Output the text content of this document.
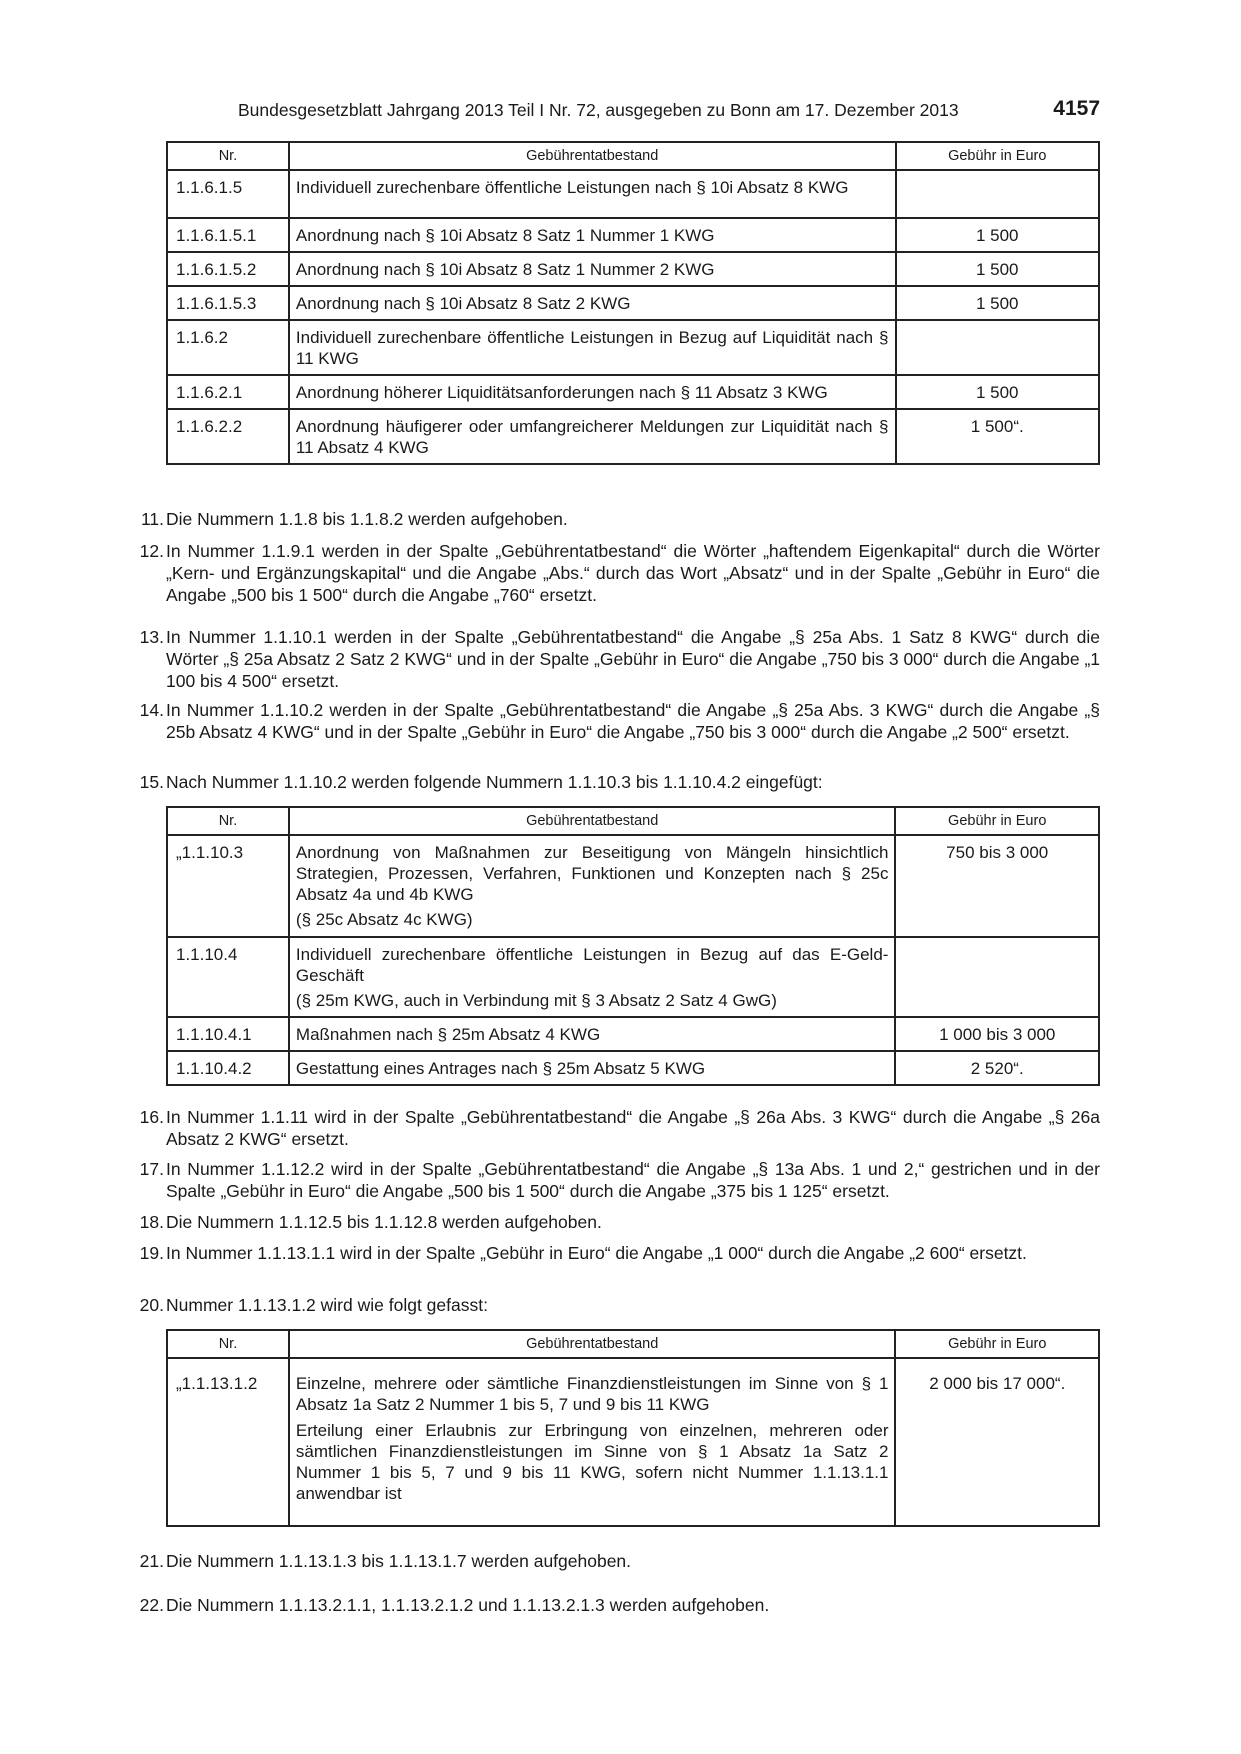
Bundesgesetzblatt Jahrgang 2013 Teil I Nr. 72, ausgegeben zu Bonn am 17. Dezember 2013	4157
Nr.	Gebührentatbestand	Gebühr in Euro
1.1.6.1.5	Individuell zurechenbare öffentliche Leistungen nach § 10i Absatz 8 KWG	
1.1.6.1.5.1	Anordnung nach § 10i Absatz 8 Satz 1 Nummer 1 KWG	1 500
1.1.6.1.5.2	Anordnung nach § 10i Absatz 8 Satz 1 Nummer 2 KWG	1 500
1.1.6.1.5.3	Anordnung nach § 10i Absatz 8 Satz 2 KWG	1 500
1.1.6.2	Individuell zurechenbare öffentliche Leistungen in Bezug auf Liquidität nach § 11 KWG	
1.1.6.2.1	Anordnung höherer Liquiditätsanforderungen nach § 11 Absatz 3 KWG	1 500
1.1.6.2.2	Anordnung häufigerer oder umfangreicherer Meldungen zur Liquidität nach § 11 Absatz 4 KWG	1 500“.
11. Die Nummern 1.1.8 bis 1.1.8.2 werden aufgehoben.
12. In Nummer 1.1.9.1 werden in der Spalte „Gebührentatbestand“ die Wörter „haftendem Eigenkapital“ durch die Wörter „Kern- und Ergänzungskapital“ und die Angabe „Abs.“ durch das Wort „Absatz“ und in der Spalte „Gebühr in Euro“ die Angabe „500 bis 1 500“ durch die Angabe „760“ ersetzt.
13. In Nummer 1.1.10.1 werden in der Spalte „Gebührentatbestand“ die Angabe „§ 25a Abs. 1 Satz 8 KWG“ durch die Wörter „§ 25a Absatz 2 Satz 2 KWG“ und in der Spalte „Gebühr in Euro“ die Angabe „750 bis 3 000“ durch die Angabe „1 100 bis 4 500“ ersetzt.
14. In Nummer 1.1.10.2 werden in der Spalte „Gebührentatbestand“ die Angabe „§ 25a Abs. 3 KWG“ durch die Angabe „§ 25b Absatz 4 KWG“ und in der Spalte „Gebühr in Euro“ die Angabe „750 bis 3 000“ durch die Angabe „2 500“ ersetzt.
15. Nach Nummer 1.1.10.2 werden folgende Nummern 1.1.10.3 bis 1.1.10.4.2 eingefügt:
Nr.	Gebührentatbestand	Gebühr in Euro
„1.1.10.3	Anordnung von Maßnahmen zur Beseitigung von Mängeln hinsichtlich Strategien, Prozessen, Verfahren, Funktionen und Konzepten nach § 25c Absatz 4a und 4b KWG
(§ 25c Absatz 4c KWG)	750 bis 3 000
1.1.10.4	Individuell zurechenbare öffentliche Leistungen in Bezug auf das E-Geld-Geschäft
(§ 25m KWG, auch in Verbindung mit § 3 Absatz 2 Satz 4 GwG)	

1.1.10.4.1	Maßnahmen nach § 25m Absatz 4 KWG	1 000 bis 3 000
1.1.10.4.2	Gestattung eines Antrages nach § 25m Absatz 5 KWG	2 520“.
16. In Nummer 1.1.11 wird in der Spalte „Gebührentatbestand“ die Angabe „§ 26a Abs. 3 KWG“ durch die Angabe „§ 26a Absatz 2 KWG“ ersetzt.
17. In Nummer 1.1.12.2 wird in der Spalte „Gebührentatbestand“ die Angabe „§ 13a Abs. 1 und 2,“ gestrichen und in der Spalte „Gebühr in Euro“ die Angabe „500 bis 1 500“ durch die Angabe „375 bis 1 125“ ersetzt.
18. Die Nummern 1.1.12.5 bis 1.1.12.8 werden aufgehoben.
19. In Nummer 1.1.13.1.1 wird in der Spalte „Gebühr in Euro“ die Angabe „1 000“ durch die Angabe „2 600“ ersetzt.
20. Nummer 1.1.13.1.2 wird wie folgt gefasst:
Nr.	Gebührentatbestand	Gebühr in Euro
„1.1.13.1.2	Einzelne, mehrere oder sämtliche Finanzdienstleistungen im Sinne von § 1 Absatz 1a Satz 2 Nummer 1 bis 5, 7 und 9 bis 11 KWG
Erteilung einer Erlaubnis zur Erbringung von einzelnen, mehreren oder sämtlichen Finanzdienstleistungen im Sinne von § 1 Absatz 1a Satz 2 Nummer 1 bis 5, 7 und 9 bis 11 KWG, sofern nicht Nummer 1.1.13.1.1 anwendbar ist	2 000 bis 17 000“.
21. Die Nummern 1.1.13.1.3 bis 1.1.13.1.7 werden aufgehoben.
22. Die Nummern 1.1.13.2.1.1, 1.1.13.2.1.2 und 1.1.13.2.1.3 werden aufgehoben.
